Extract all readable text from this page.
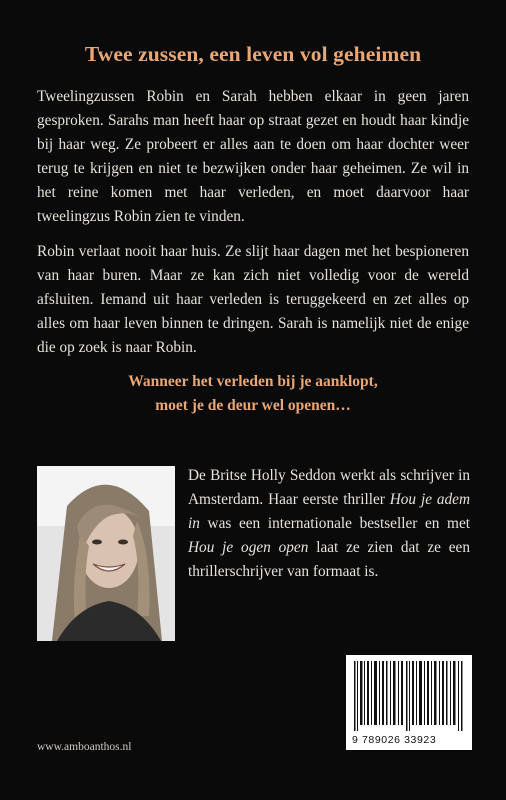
Twee zussen, een leven vol geheimen

Tweelingzussen Robin en Sarah hebben elkaar in geen jaren gesproken. Sarahs man heeft haar op straat gezet en houdt haar kindje bij haar weg. Ze probeert er alles aan te doen om haar dochter weer terug te krijgen en niet te bezwijken onder haar geheimen. Ze wil in het reine komen met haar verleden, en moet daarvoor haar tweelingzus Robin zien te vinden.

Robin verlaat nooit haar huis. Ze slijt haar dagen met het bespioneren van haar buren. Maar ze kan zich niet volledig voor de wereld afsluiten. Iemand uit haar verleden is teruggekeerd en zet alles op alles om haar leven binnen te dringen. Sarah is namelijk niet de enige die op zoek is naar Robin.

Wanneer het verleden bij je aanklopt,
moet je de deur wel openen…

De Britse Holly Seddon werkt als schrijver in Amsterdam. Haar eerste thriller Hou je adem in was een internationale bestseller en met Hou je ogen open laat ze zien dat ze een thrillerschrijver van formaat is.

9 789026 33923
www.amboanthos.nl
